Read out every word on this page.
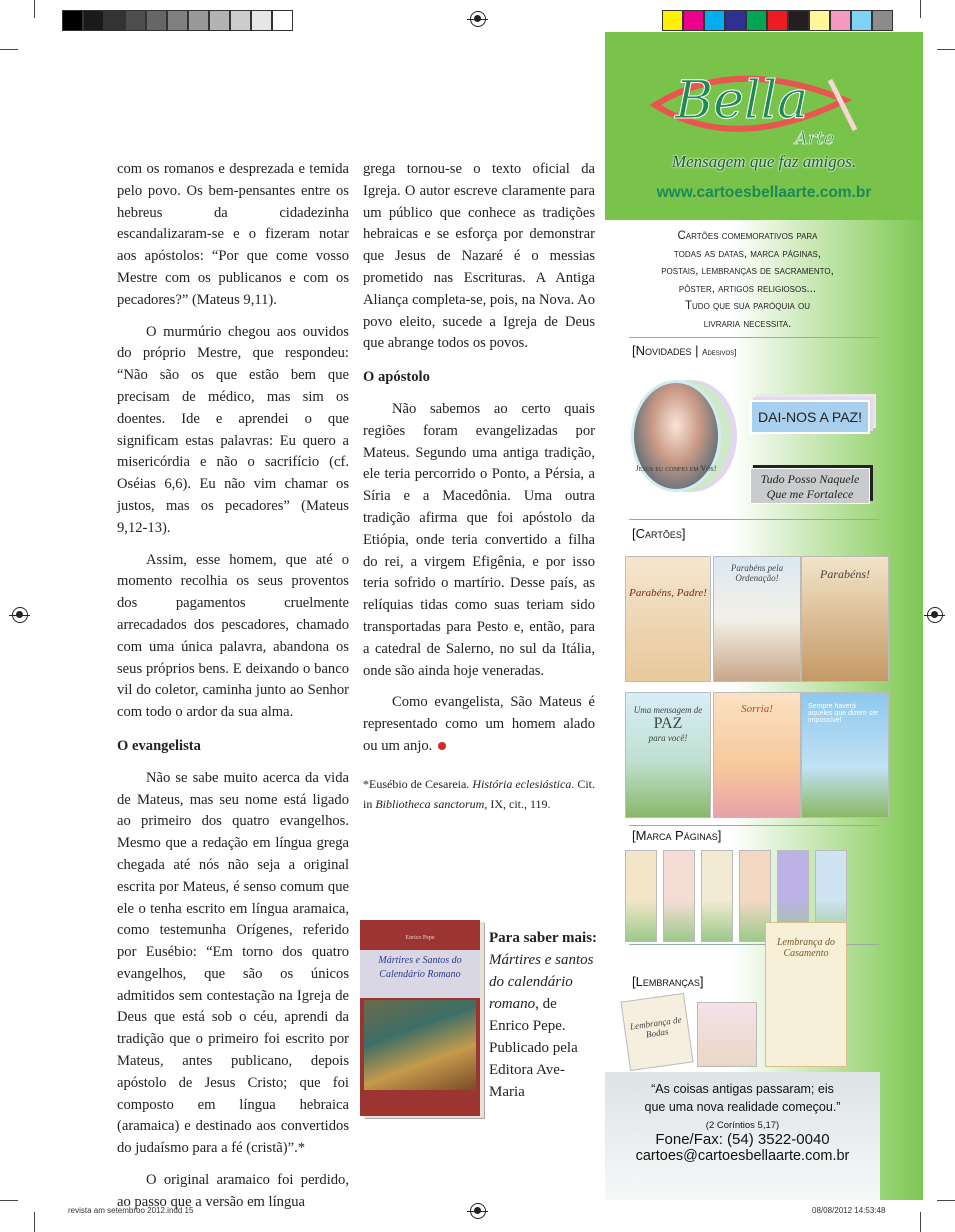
revista am setembroo 2012.indd 15	08/08/2012 14:53:48

com os romanos e desprezada e temida pelo povo. Os bem-pensantes entre os hebreus da cidadezinha escandalizaram-se e o fizeram notar aos apóstolos: “Por que come vosso Mestre com os publicanos e com os pecadores?” (Mateus 9,11).

O murmúrio chegou aos ouvidos do próprio Mestre, que respondeu: “Não são os que estão bem que precisam de médico, mas sim os doentes. Ide e aprendei o que significam estas palavras: Eu quero a misericórdia e não o sacrifício (cf. Oséias 6,6). Eu não vim chamar os justos, mas os pecadores” (Mateus 9,12-13).

Assim, esse homem, que até o momento recolhia os seus proventos dos pagamentos cruelmente arrecadados dos pescadores, chamado com uma única palavra, abandona os seus próprios bens. E deixando o banco vil do coletor, caminha junto ao Senhor com todo o ardor da sua alma.

O evangelista

Não se sabe muito acerca da vida de Mateus, mas seu nome está ligado ao primeiro dos quatro evangelhos. Mesmo que a redação em língua grega chegada até nós não seja a original escrita por Mateus, é senso comum que ele o tenha escrito em língua aramaica, como testemunha Orígenes, referido por Eusébio: “Em torno dos quatro evangelhos, que são os únicos admitidos sem contestação na Igreja de Deus que está sob o céu, aprendi da tradição que o primeiro foi escrito por Mateus, antes publicano, depois apóstolo de Jesus Cristo; que foi composto em língua hebraica (aramaica) e destinado aos convertidos do judaísmo para a fé (cristã)”.*

O original aramaico foi perdido, ao passo que a versão em língua

grega tornou-se o texto oficial da Igreja. O autor escreve claramente para um público que conhece as tradições hebraicas e se esforça por demonstrar que Jesus de Nazaré é o messias prometido nas Escrituras. A Antiga Aliança completa-se, pois, na Nova. Ao povo eleito, sucede a Igreja de Deus que abrange todos os povos.

O apóstolo

Não sabemos ao certo quais regiões foram evangelizadas por Mateus. Segundo uma antiga tradição, ele teria percorrido o Ponto, a Pérsia, a Síria e a Macedônia. Uma outra tradição afirma que foi apóstolo da Etiópia, onde teria convertido a filha do rei, a virgem Efigênia, e por isso teria sofrido o martírio. Desse país, as relíquias tidas como suas teriam sido transportadas para Pesto e, então, para a catedral de Salerno, no sul da Itália, onde são ainda hoje veneradas.

Como evangelista, São Mateus é representado como um homem alado ou um anjo.

*Eusébio de Cesareia. História eclesiástica. Cit. in Bibliotheca sanctorum, IX, cit., 119.
Enrico Pepe
Mártires e Santos do Calendário Romano
Para saber mais:
Mártires e santos do calendário romano, de Enrico Pepe. Publicado pela Editora Ave-Maria
Bella
Arte
Mensagem que faz amigos.
www.cartoesbellaarte.com.br
Cartões comemorativos para
todas as datas, marca páginas,
postais, lembranças de sacramento,
pôster, artigos religiosos...
Tudo que sua paróquia ou
livraria necessita.
[Novidades | Adesivos]
Jesus eu confio em Vós!
DAI-NOS A PAZ!
Tudo Posso Naquele Que me Fortalece
[Cartões]
Parabéns, Padre!
Parabéns pela Ordenação!	Parabéns!
Uma mensagem de
PAZ
para você!
Sorria!	Sempre haverá aqueles que dizem ser impossível
[Marca Páginas]
[Lembranças]
Lembrança de Bodas
Lembrança do Casamento
“As coisas antigas passaram; eis
que uma nova realidade começou.”
(2 Coríntios 5,17)
Fone/Fax: (54) 3522-0040
cartoes@cartoesbellaarte.com.br
